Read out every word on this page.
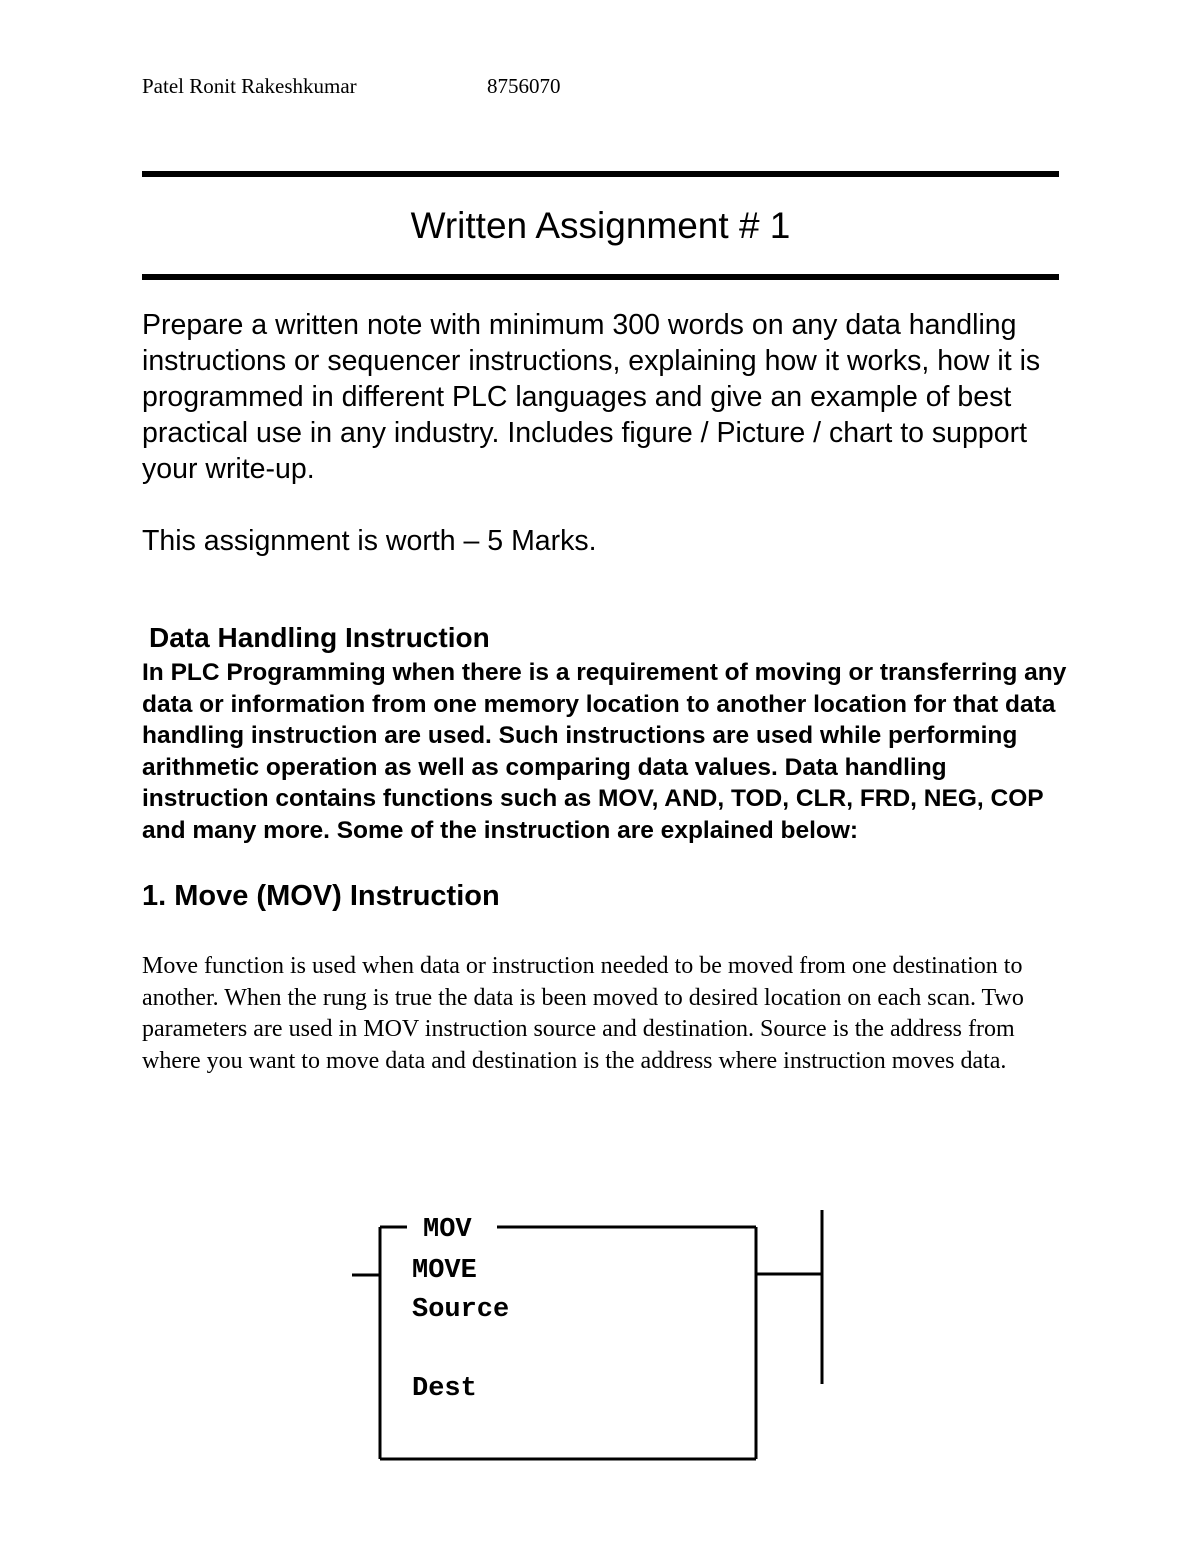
Patel Ronit Rakeshkumar	8756070
Written Assignment # 1

Prepare a written note with minimum 300 words on any data handling instructions or sequencer instructions, explaining how it works, how it is programmed in different PLC languages and give an example of best practical use in any industry. Includes figure / Picture / chart to support your write-up.

This assignment is worth – 5 Marks.

Data Handling Instruction

In PLC Programming when there is a requirement of moving or transferring any data or information from one memory location to another location for that data handling instruction are used. Such instructions are used while performing arithmetic operation as well as comparing data values. Data handling instruction contains functions such as MOV, AND, TOD, CLR, FRD, NEG, COP and many more. Some of the instruction are explained below:

1. Move (MOV) Instruction

Move function is used when data or instruction needed to be moved from one destination to another. When the rung is true the data is been moved to desired location on each scan. Two parameters are used in MOV instruction source and destination. Source is the address from where you want to move data and destination is the address where instruction moves data.

MOV
MOVE
Source
Dest
